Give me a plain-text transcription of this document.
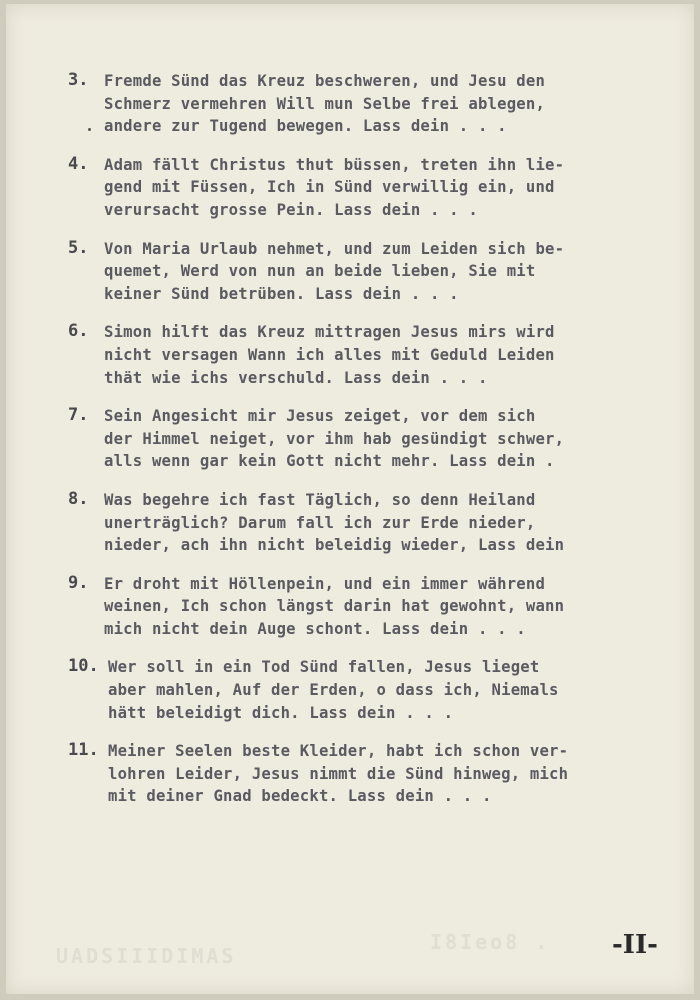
UADSIIIDIMAS
I8Ieo8 .
3. Fremde Sünd das Kreuz beschweren, und Jesu den
Schmerz vermehren Will mun Selbe frei ablegen,
andere zur Tugend bewegen. Lass dein . . .
4. Adam fällt Christus thut büssen, treten ihn lie-
gend mit Füssen, Ich in Sünd verwillig ein, und
verursacht grosse Pein. Lass dein . . .
5. Von Maria Urlaub nehmet, und zum Leiden sich be-
quemet, Werd von nun an beide lieben, Sie mit
keiner Sünd betrüben. Lass dein . . .
6. Simon hilft das Kreuz mittragen Jesus mirs wird
nicht versagen Wann ich alles mit Geduld Leiden
thät wie ichs verschuld. Lass dein . . .
7. Sein Angesicht mir Jesus zeiget, vor dem sich
der Himmel neiget, vor ihm hab gesündigt schwer,
alls wenn gar kein Gott nicht mehr. Lass dein .
8. Was begehre ich fast Täglich, so denn Heiland
unerträglich? Darum fall ich zur Erde nieder,
nieder, ach ihn nicht beleidig wieder, Lass dein
9. Er droht mit Höllenpein, und ein immer während
weinen, Ich schon längst darin hat gewohnt, wann
mich nicht dein Auge schont. Lass dein . . .
10. Wer soll in ein Tod Sünd fallen, Jesus lieget
aber mahlen, Auf der Erden, o dass ich, Niemals
hätt beleidigt dich. Lass dein . . .
11. Meiner Seelen beste Kleider, habt ich schon ver-
lohren Leider, Jesus nimmt die Sünd hinweg, mich
mit deiner Gnad bedeckt. Lass dein . . .
-II-
